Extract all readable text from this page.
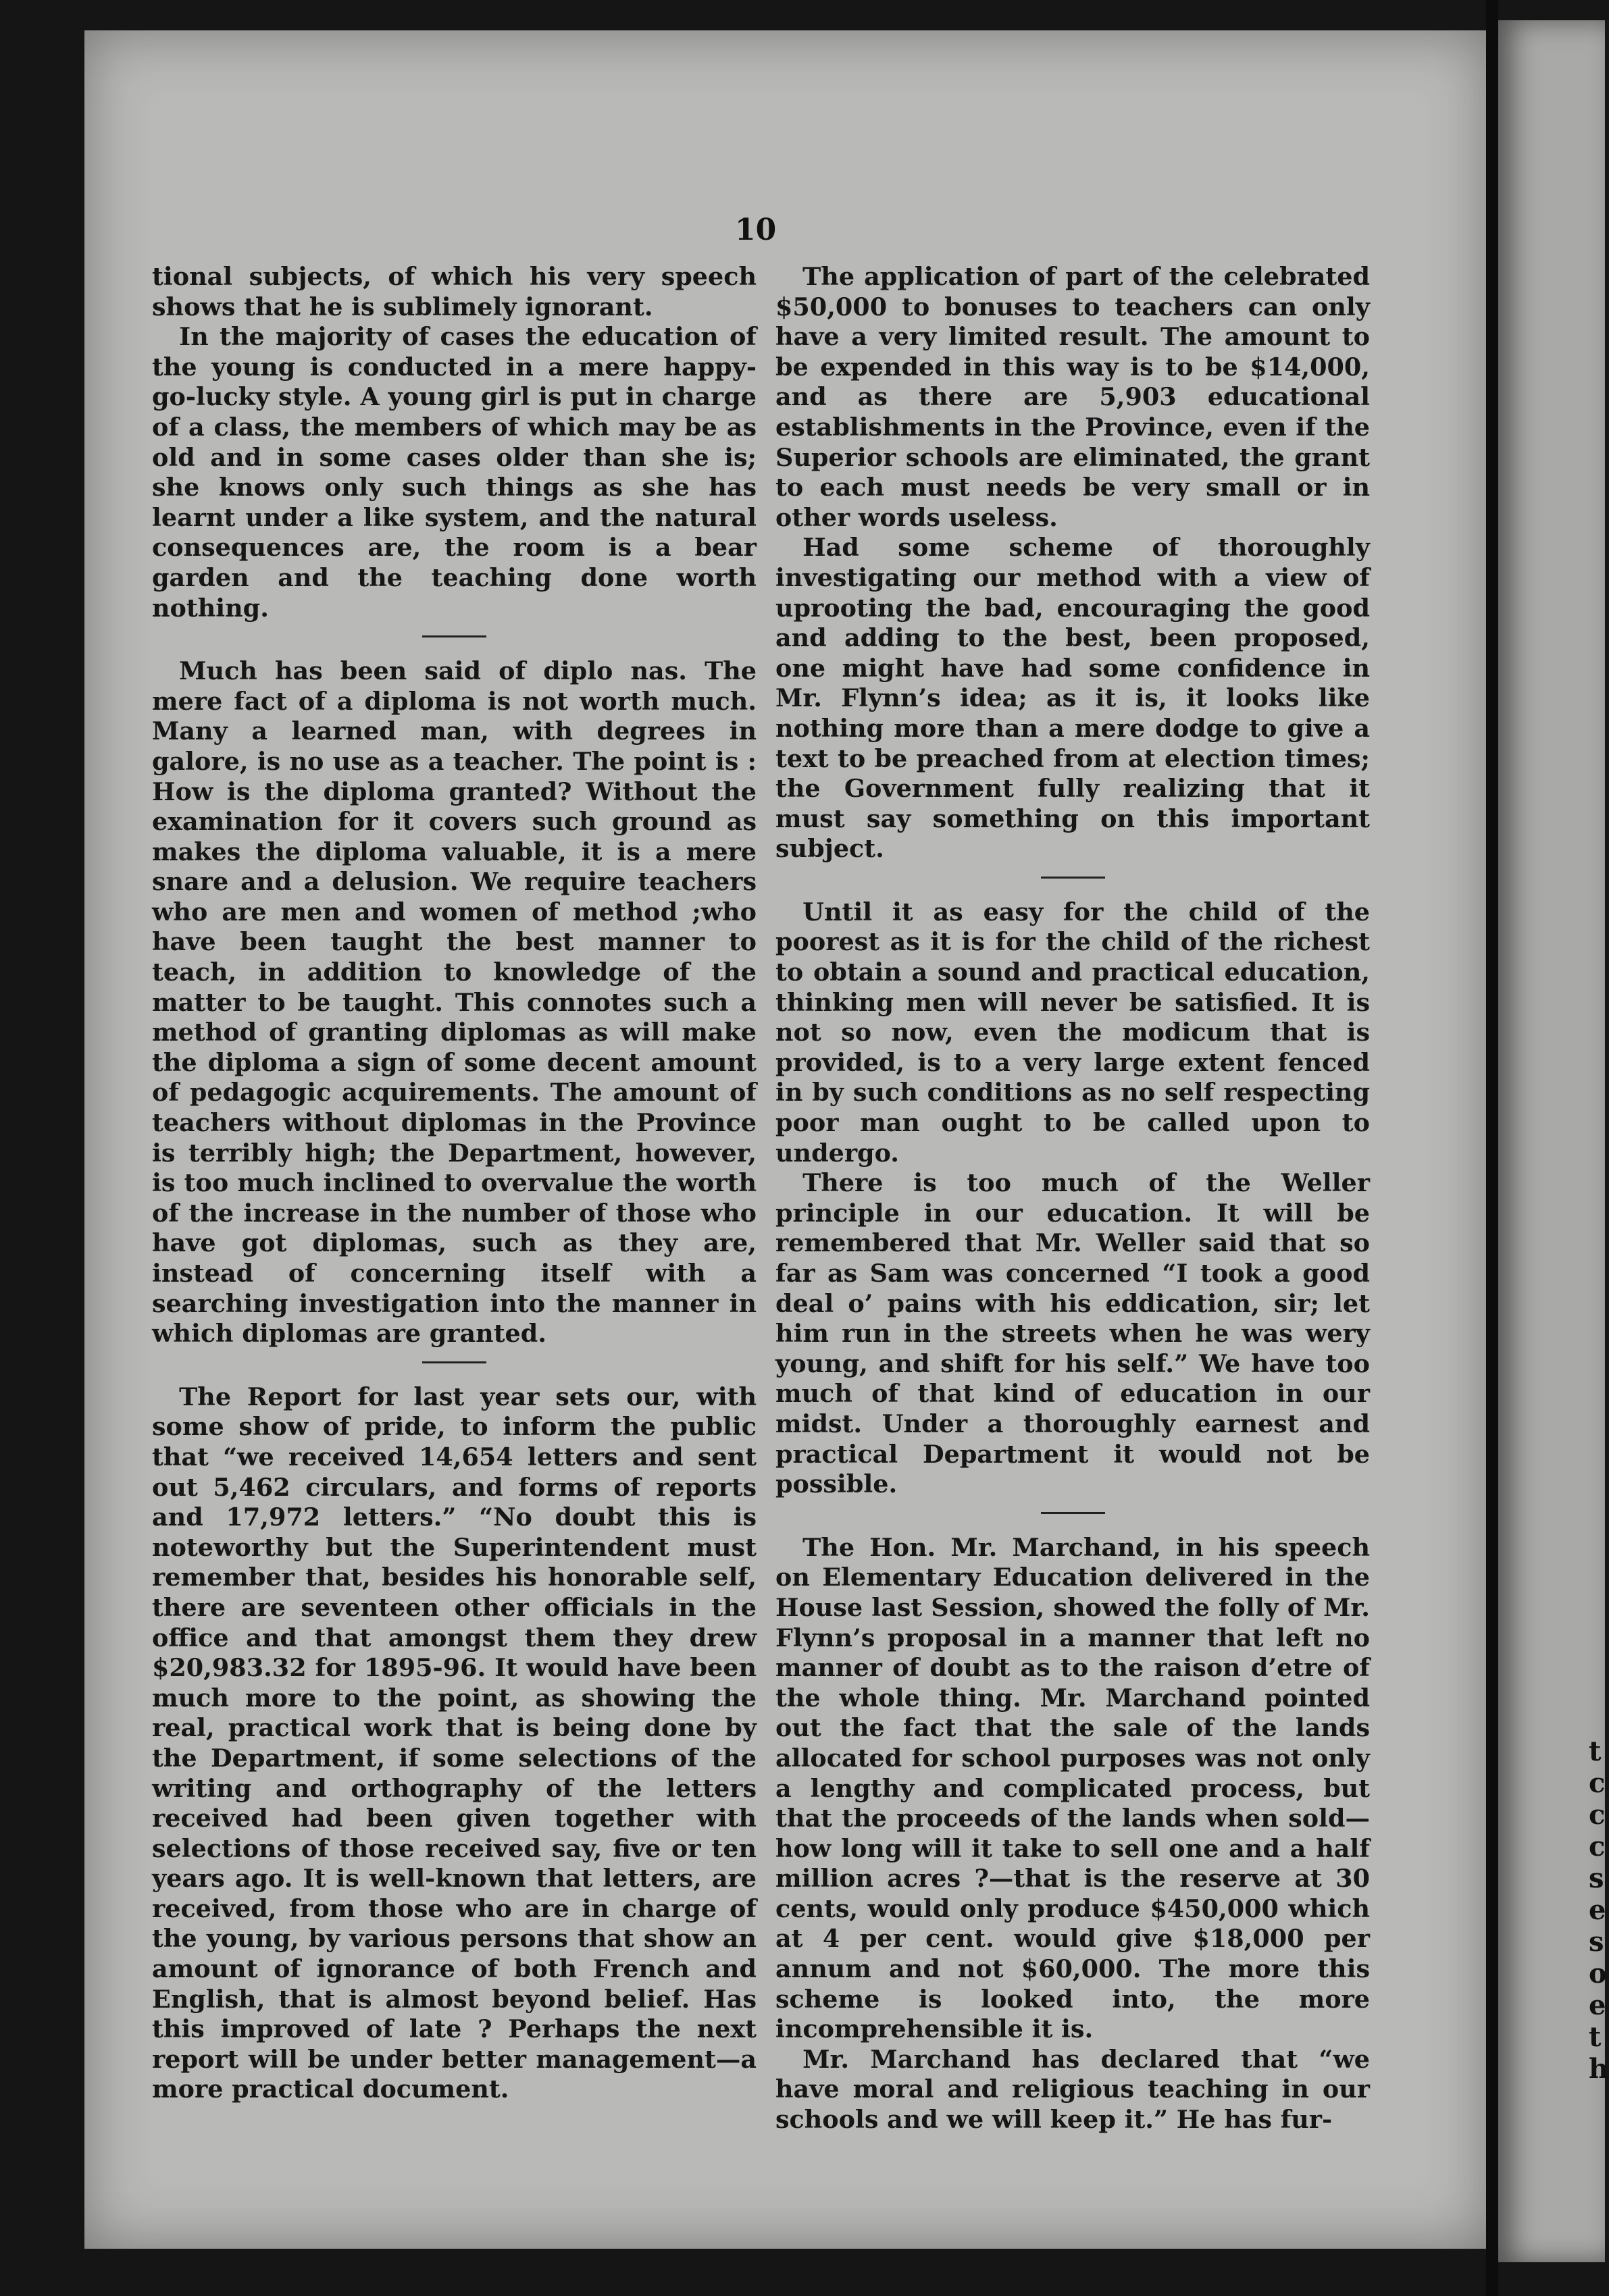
t
c
c
c
s
e
s
o
e
t
h
10

tional subjects, of which his very speech shows that he is sublimely ignorant.

In the majority of cases the education of the young is conducted in a mere happy-go-lucky style. A young girl is put in charge of a class, the members of which may be as old and in some cases older than she is; she knows only such things as she has learnt under a like system, and the natural consequences are, the room is a bear garden and the teaching done worth nothing.

Much has been said of diplo nas. The mere fact of a diploma is not worth much. Many a learned man, with degrees in galore, is no use as a teacher. The point is : How is the diploma granted? Without the examination for it covers such ground as makes the diploma valuable, it is a mere snare and a delusion. We require teachers who are men and women of method ;who have been taught the best manner to teach, in addition to knowledge of the matter to be taught. This connotes such a method of granting diplomas as will make the diploma a sign of some decent amount of pedagogic acquirements. The amount of teachers without diplomas in the Province is terribly high; the Department, however, is too much inclined to overvalue the worth of the increase in the number of those who have got diplomas, such as they are, instead of concerning itself with a searching investigation into the manner in which diplomas are granted.

The Report for last year sets our, with some show of pride, to inform the public that “we received 14,654 letters and sent out 5,462 circulars, and forms of reports and 17,972 letters.” “No doubt this is noteworthy but the Superintendent must remember that, besides his honorable self, there are seventeen other officials in the office and that amongst them they drew $20,983.32 for 1895-96. It would have been much more to the point, as showing the real, practical work that is being done by the Department, if some selections of the writing and orthography of the letters received had been given together with selections of those received say, five or ten years ago. It is well-known that letters, are received, from those who are in charge of the young, by various persons that show an amount of ignorance of both French and English, that is almost beyond belief. Has this improved of late ? Perhaps the next report will be under better management—a more practical document.

The application of part of the celebrated $50,000 to bonuses to teachers can only have a very limited result. The amount to be expended in this way is to be $14,000, and as there are 5,903 educational establishments in the Province, even if the Superior schools are eliminated, the grant to each must needs be very small or in other words useless.

Had some scheme of thoroughly investigating our method with a view of uprooting the bad, encouraging the good and adding to the best, been proposed, one might have had some confidence in Mr. Flynn’s idea; as it is, it looks like nothing more than a mere dodge to give a text to be preached from at election times; the Government fully realizing that it must say something on this important subject.

Until it as easy for the child of the poorest as it is for the child of the richest to obtain a sound and practical education, thinking men will never be satisfied. It is not so now, even the modicum that is provided, is to a very large extent fenced in by such conditions as no self respecting poor man ought to be called upon to undergo.

There is too much of the Weller principle in our education. It will be remembered that Mr. Weller said that so far as Sam was concerned “I took a good deal o’ pains with his eddication, sir; let him run in the streets when he was wery young, and shift for his self.” We have too much of that kind of education in our midst. Under a thoroughly earnest and practical Department it would not be possible.

The Hon. Mr. Marchand, in his speech on Elementary Education delivered in the House last Session, showed the folly of Mr. Flynn’s proposal in a manner that left no manner of doubt as to the raison d’etre of the whole thing. Mr. Marchand pointed out the fact that the sale of the lands allocated for school purposes was not only a lengthy and complicated process, but that the proceeds of the lands when sold—how long will it take to sell one and a half million acres ?—that is the reserve at 30 cents, would only produce $450,000 which at 4 per cent. would give $18,000 per annum and not $60,000. The more this scheme is looked into, the more incomprehensible it is.

Mr. Marchand has declared that “we have moral and religious teaching in our schools and we will keep it.” He has fur-
